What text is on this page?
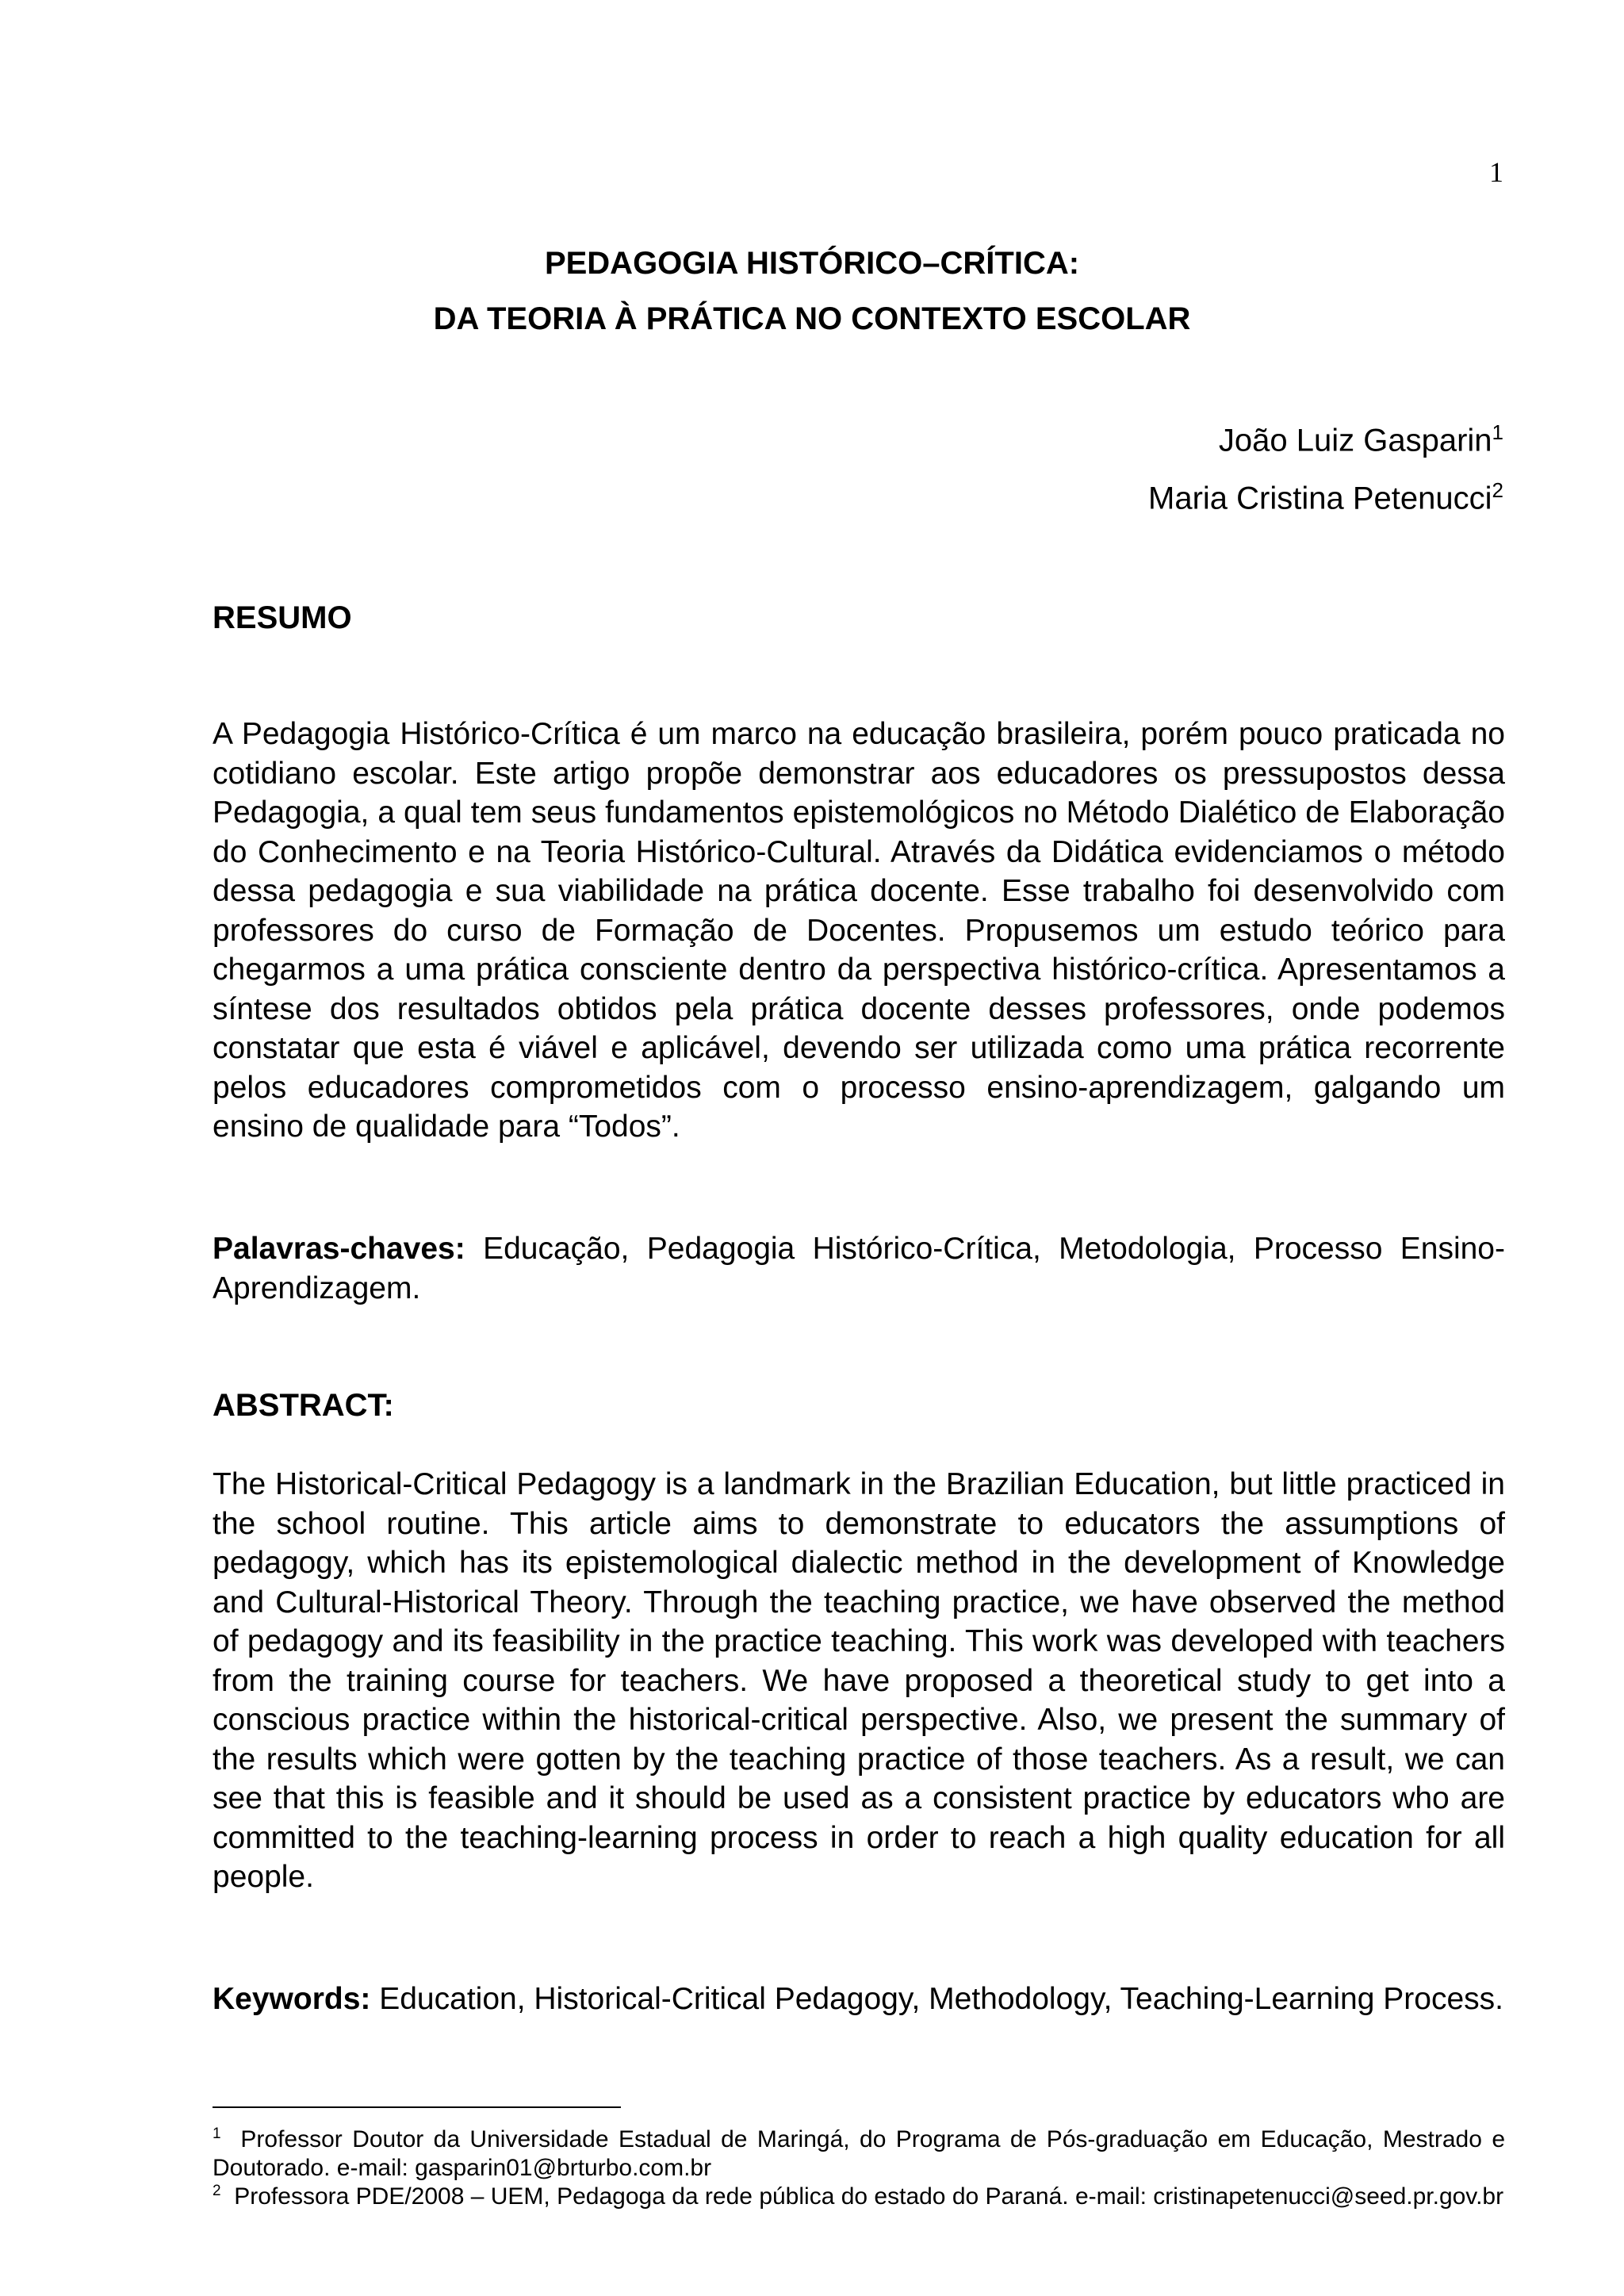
1
PEDAGOGIA HISTÓRICO–CRÍTICA:
DA TEORIA À PRÁTICA NO CONTEXTO ESCOLAR
João Luiz Gasparin$^1$
Maria Cristina Petenucci$^2$
RESUMO
A Pedagogia Histórico-Crítica é um marco na educação brasileira, porém pouco praticada no cotidiano escolar. Este artigo propõe demonstrar aos educadores os pressupostos dessa Pedagogia, a qual tem seus fundamentos epistemológicos no Método Dialético de Elaboração do Conhecimento e na Teoria Histórico-Cultural. Através da Didática evidenciamos o método dessa pedagogia e sua viabilidade na prática docente. Esse trabalho foi desenvolvido com professores do curso de Formação de Docentes. Propusemos um estudo teórico para chegarmos a uma prática consciente dentro da perspectiva histórico-crítica. Apresentamos a síntese dos resultados obtidos pela prática docente desses professores, onde podemos constatar que esta é viável e aplicável, devendo ser utilizada como uma prática recorrente pelos educadores comprometidos com o processo ensino-aprendizagem, galgando um ensino de qualidade para “Todos”.
Palavras-chaves: Educação, Pedagogia Histórico-Crítica, Metodologia, Processo Ensino-Aprendizagem.
ABSTRACT:
The Historical-Critical Pedagogy is a landmark in the Brazilian Education, but little practiced in the school routine. This article aims to demonstrate to educators the assumptions of pedagogy, which has its epistemological dialectic method in the development of Knowledge and Cultural-Historical Theory. Through the teaching practice, we have observed the method of pedagogy and its feasibility in the practice teaching. This work was developed with teachers from the training course for teachers. We have proposed a theoretical study to get into a conscious practice within the historical-critical perspective. Also, we present the summary of the results which were gotten by the teaching practice of those teachers. As a result, we can see that this is feasible and it should be used as a consistent practice by educators who are committed to the teaching-learning process in order to reach a high quality education for all people.
Keywords: Education, Historical-Critical Pedagogy, Methodology, Teaching-Learning Process.
$^1$ Professor Doutor da Universidade Estadual de Maringá, do Programa de Pós-graduação em Educação, Mestrado e Doutorado. e-mail: gasparin01@brturbo.com.br
$^2$ Professora PDE/2008 – UEM, Pedagoga da rede pública do estado do Paraná. e-mail: cristinapetenucci@seed.pr.gov.br
